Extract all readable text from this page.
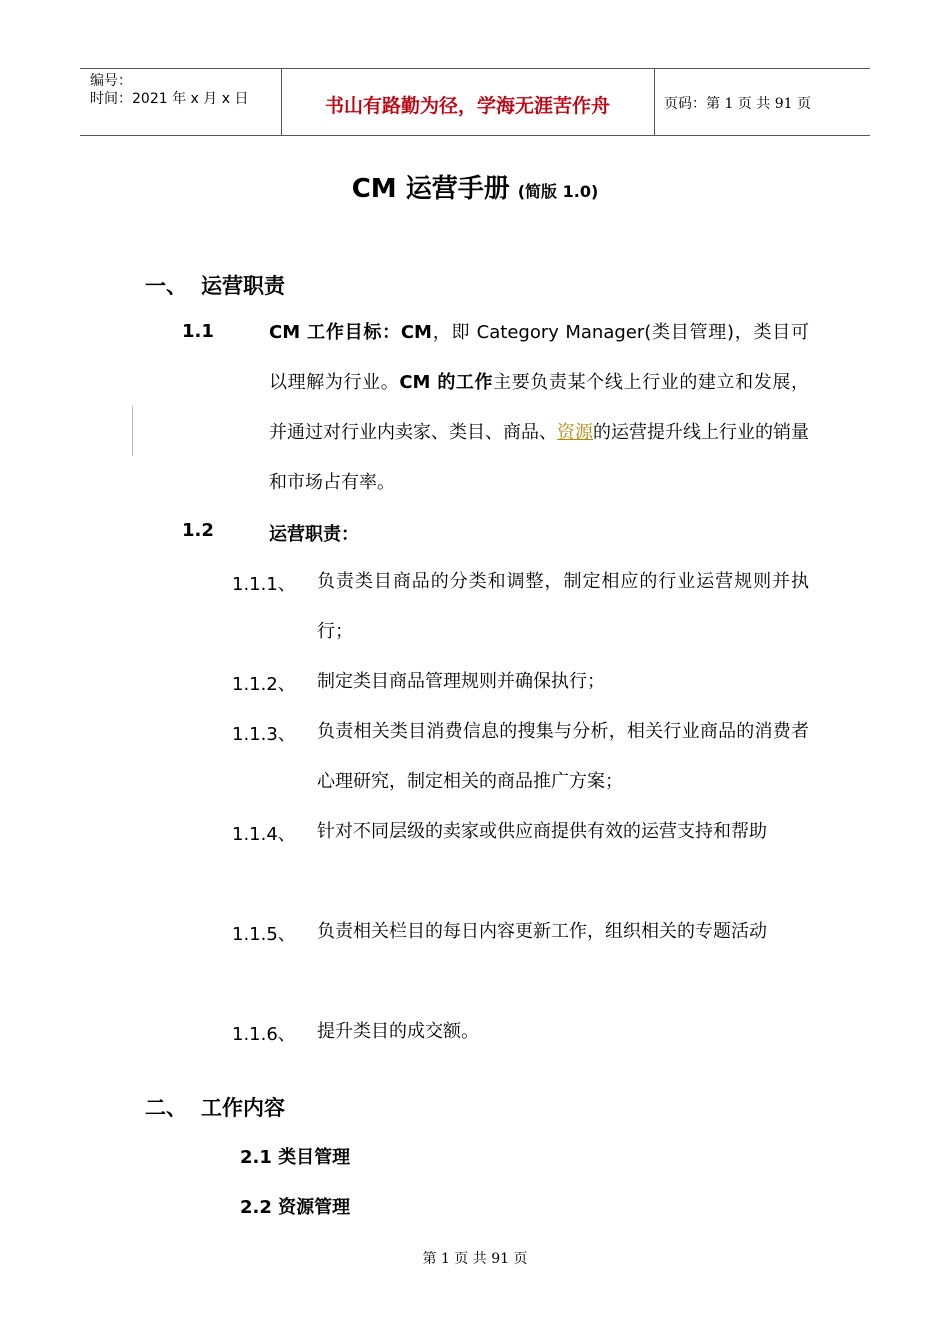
编号：
时间：2021 年 x 月 x 日	书山有路勤为径，学海无涯苦作舟	页码：第 1 页 共 91 页
CM 运营手册 (简版 1.0)
一、 运营职责
1.1	CM 工作目标：CM，即 Category Manager(类目管理)，类目可以理解为行业。CM 的工作主要负责某个线上行业的建立和发展，并通过对行业内卖家、类目、商品、资源的运营提升线上行业的销量和市场占有率。
1.2	运营职责：
1.1.1、 负责类目商品的分类和调整，制定相应的行业运营规则并执行；
1.1.2、 制定类目商品管理规则并确保执行；
1.1.3、 负责相关类目消费信息的搜集与分析，相关行业商品的消费者心理研究，制定相关的商品推广方案；
1.1.4、 针对不同层级的卖家或供应商提供有效的运营支持和帮助
1.1.5、 负责相关栏目的每日内容更新工作，组织相关的专题活动
1.1.6、 提升类目的成交额。
二、 工作内容
2.1 类目管理
2.2 资源管理
第 1 页 共 91 页
